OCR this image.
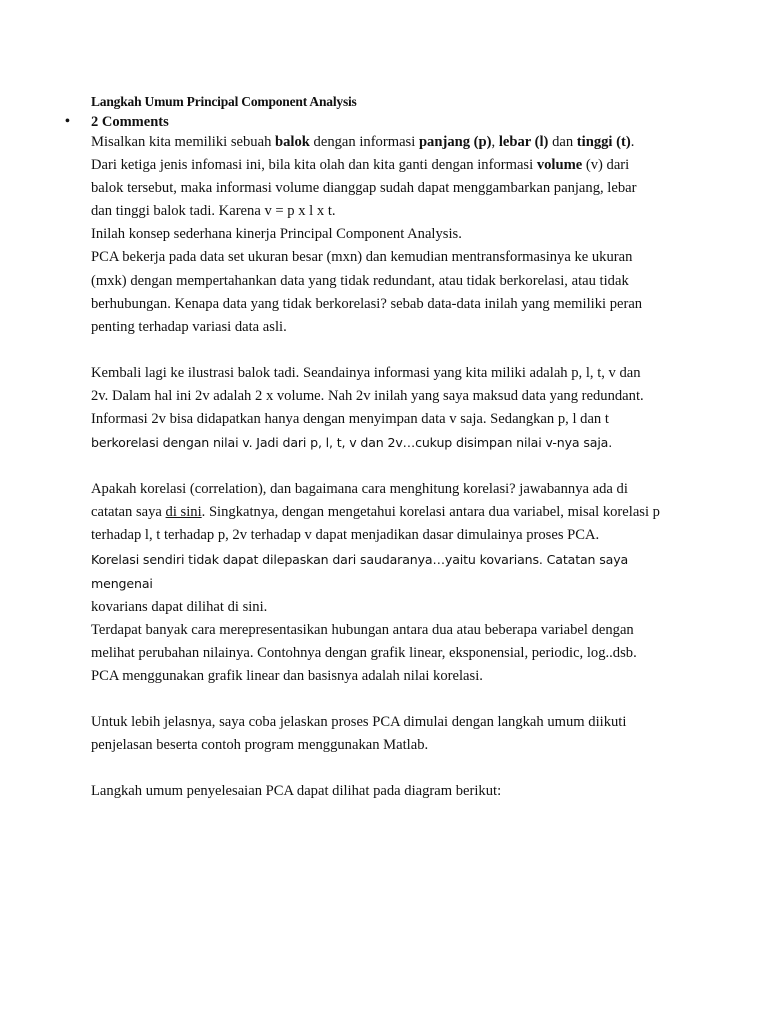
Langkah Umum Principal Component Analysis
• 2 Comments

Misalkan kita memiliki sebuah balok dengan informasi panjang (p), lebar (l) dan tinggi (t).
Dari ketiga jenis infomasi ini, bila kita olah dan kita ganti dengan informasi volume (v) dari
balok tersebut, maka informasi volume dianggap sudah dapat menggambarkan panjang, lebar
dan tinggi balok tadi. Karena v = p x l x t.

Inilah konsep sederhana kinerja Principal Component Analysis.

PCA bekerja pada data set ukuran besar (mxn) dan kemudian mentransformasinya ke ukuran
(mxk) dengan mempertahankan data yang tidak redundant, atau tidak berkorelasi, atau tidak
berhubungan. Kenapa data yang tidak berkorelasi? sebab data-data inilah yang memiliki peran
penting terhadap variasi data asli.

Kembali lagi ke ilustrasi balok tadi. Seandainya informasi yang kita miliki adalah p, l, t, v dan
2v. Dalam hal ini 2v adalah 2 x volume. Nah 2v inilah yang saya maksud data yang redundant.
Informasi 2v bisa didapatkan hanya dengan menyimpan data v saja. Sedangkan p, l dan t
berkorelasi dengan nilai v. Jadi dari p, l, t, v dan 2v…cukup disimpan nilai v-nya saja.

Apakah korelasi (correlation), dan bagaimana cara menghitung korelasi? jawabannya ada di
catatan saya di sini. Singkatnya, dengan mengetahui korelasi antara dua variabel, misal korelasi p
terhadap l, t terhadap p, 2v terhadap v dapat menjadikan dasar dimulainya proses PCA.
Korelasi sendiri tidak dapat dilepaskan dari saudaranya…yaitu kovarians. Catatan saya mengenai
kovarians dapat dilihat di sini.

Terdapat banyak cara merepresentasikan hubungan antara dua atau beberapa variabel dengan
melihat perubahan nilainya. Contohnya dengan grafik linear, eksponensial, periodic, log..dsb.
PCA menggunakan grafik linear dan basisnya adalah nilai korelasi.

Untuk lebih jelasnya, saya coba jelaskan proses PCA dimulai dengan langkah umum diikuti
penjelasan beserta contoh program menggunakan Matlab.

Langkah umum penyelesaian PCA dapat dilihat pada diagram berikut:
